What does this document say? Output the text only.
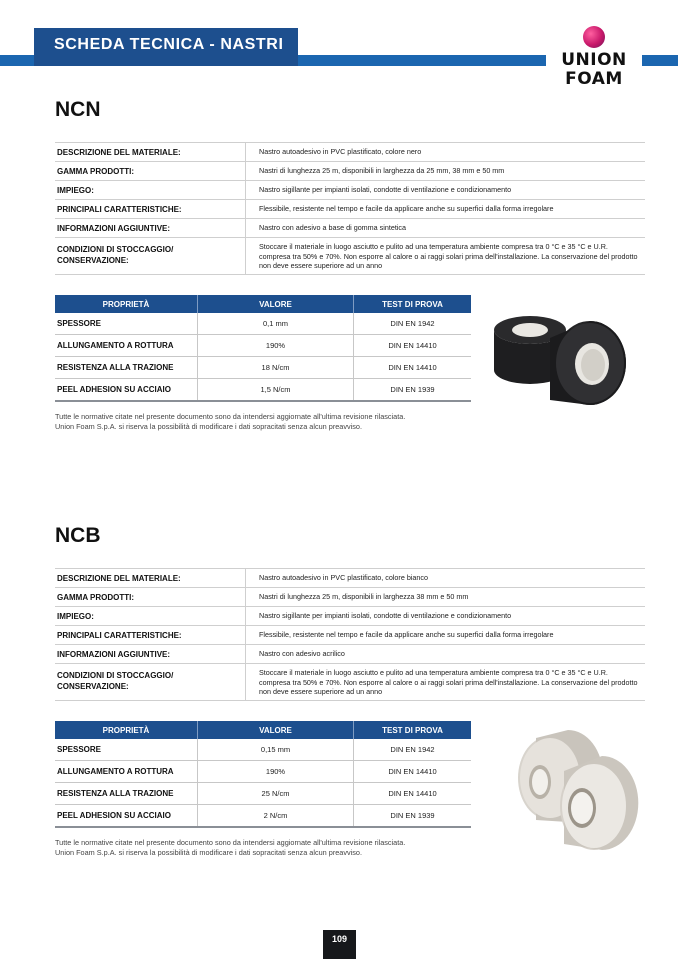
SCHEDA TECNICA - NASTRI
UNION
FOAM
NCN
DESCRIZIONE DEL MATERIALE:	Nastro autoadesivo in PVC plastificato, colore nero
GAMMA PRODOTTI:	Nastri di lunghezza 25 m, disponibili in larghezza da 25 mm, 38 mm e 50 mm
IMPIEGO:	Nastro sigillante per impianti isolati, condotte di ventilazione e condizionamento
PRINCIPALI CARATTERISTICHE:	Flessibile, resistente nel tempo e facile da applicare anche su superfici dalla forma irregolare
INFORMAZIONI AGGIUNTIVE:	Nastro con adesivo a base di gomma sintetica
CONDIZIONI DI STOCCAGGIO/ CONSERVAZIONE:
Stoccare il materiale in luogo asciutto e pulito ad una temperatura ambiente compresa tra 0 °C e 35 °C e U.R. compresa tra 50% e 70%. Non esporre al calore o ai raggi solari prima dell'installazione. La conservazione del prodotto non deve essere superiore ad un anno
PROPRIETÀ	VALORE	TEST DI PROVA
SPESSORE	0,1 mm	DIN EN 1942
ALLUNGAMENTO A ROTTURA	190%	DIN EN 14410
RESISTENZA ALLA TRAZIONE	18 N/cm	DIN EN 14410
PEEL ADHESION SU ACCIAIO	1,5 N/cm	DIN EN 1939
Tutte le normative citate nel presente documento sono da intendersi aggiornate all'ultima revisione rilasciata.
Union Foam S.p.A. si riserva la possibilità di modificare i dati sopracitati senza alcun preavviso.
NCB
DESCRIZIONE DEL MATERIALE:	Nastro autoadesivo in PVC plastificato, colore bianco
GAMMA PRODOTTI:	Nastri di lunghezza 25 m, disponibili in larghezza 38 mm e 50 mm
IMPIEGO:	Nastro sigillante per impianti isolati, condotte di ventilazione e condizionamento
PRINCIPALI CARATTERISTICHE:	Flessibile, resistente nel tempo e facile da applicare anche su superfici dalla forma irregolare
INFORMAZIONI AGGIUNTIVE:	Nastro con adesivo acrilico
CONDIZIONI DI STOCCAGGIO/ CONSERVAZIONE:
Stoccare il materiale in luogo asciutto e pulito ad una temperatura ambiente compresa tra 0 °C e 35 °C e U.R. compresa tra 50% e 70%. Non esporre al calore o ai raggi solari prima dell'installazione. La conservazione del prodotto non deve essere superiore ad un anno
PROPRIETÀ	VALORE	TEST DI PROVA
SPESSORE	0,15 mm	DIN EN 1942
ALLUNGAMENTO A ROTTURA	190%	DIN EN 14410
RESISTENZA ALLA TRAZIONE	25 N/cm	DIN EN 14410
PEEL ADHESION SU ACCIAIO	2 N/cm	DIN EN 1939
Tutte le normative citate nel presente documento sono da intendersi aggiornate all'ultima revisione rilasciata.
Union Foam S.p.A. si riserva la possibilità di modificare i dati sopracitati senza alcun preavviso.
109
